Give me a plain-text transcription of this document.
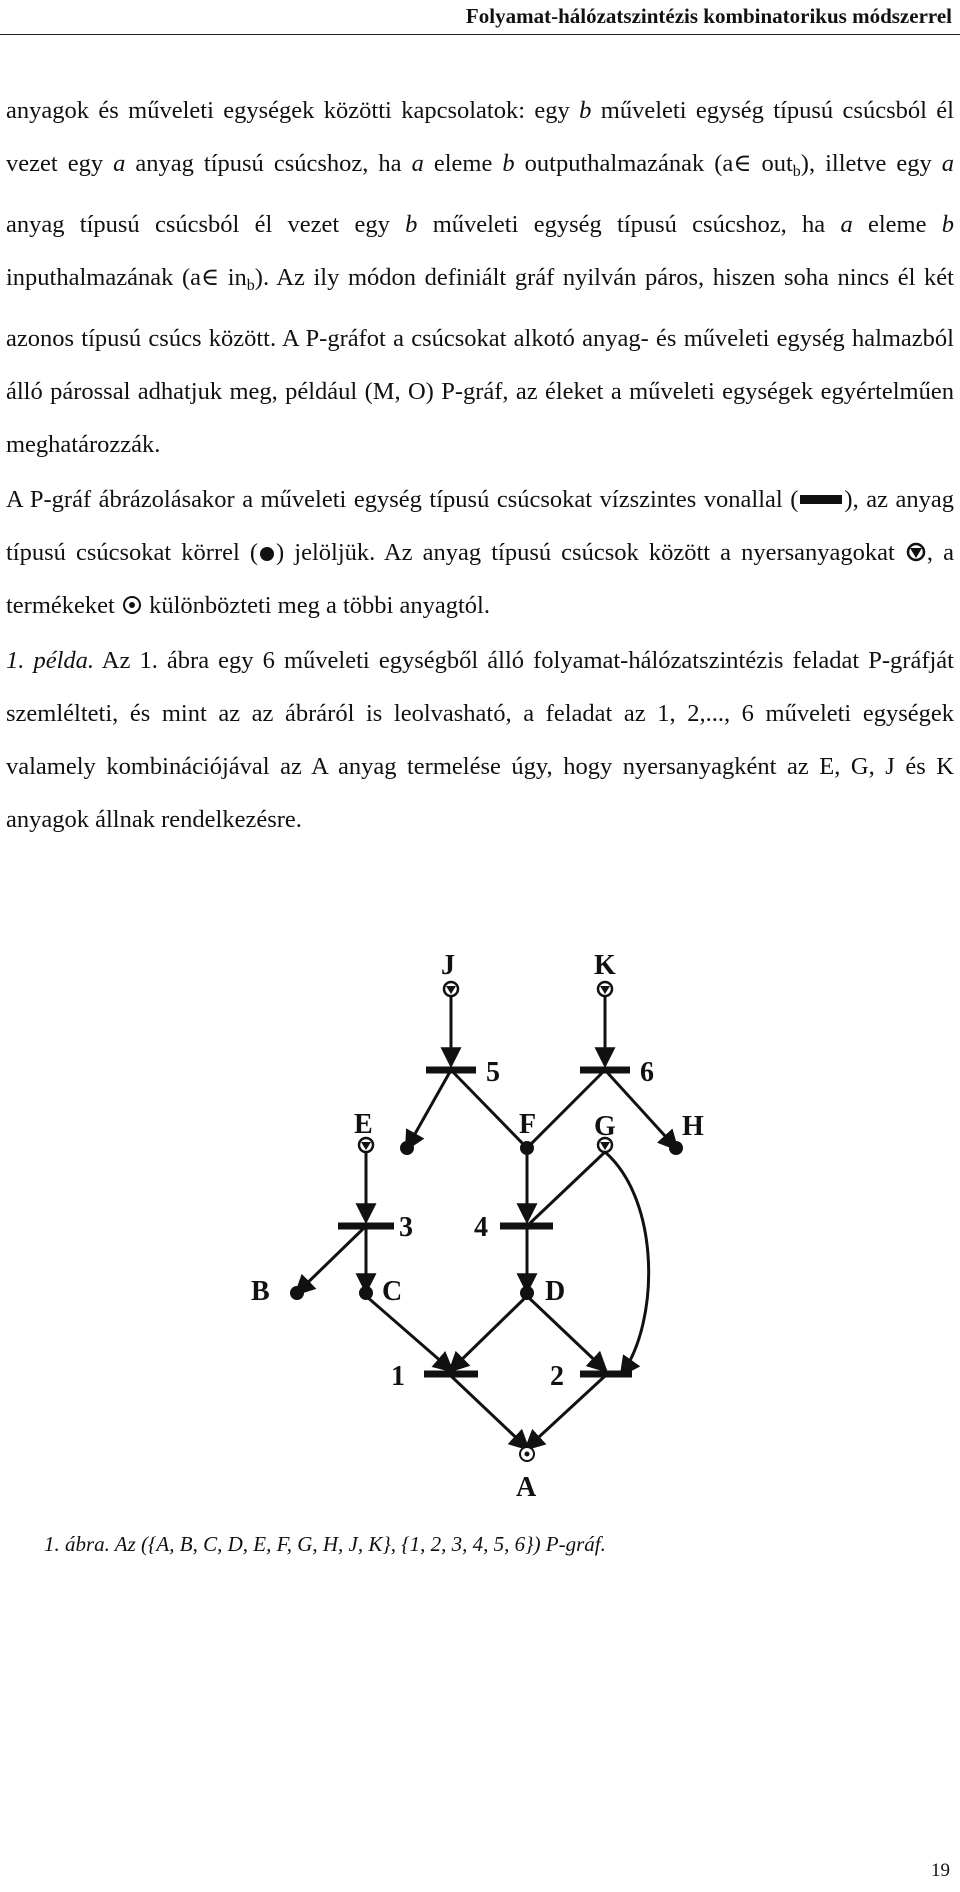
Folyamat-hálózatszintézis kombinatorikus módszerrel

anyagok és műveleti egységek közötti kapcsolatok: egy b műveleti egység típusú csúcsból él vezet egy a anyag típusú csúcshoz, ha a eleme b outputhalmazának (a∈ out$_b$), illetve egy a anyag típusú csúcsból él vezet egy b műveleti egység típusú csúcshoz, ha a eleme b inputhalmazának (a∈ $in_b$). Az ily módon definiált gráf nyilván páros, hiszen soha nincs él két azonos típusú csúcs között. A P-gráfot a csúcsokat alkotó anyag- és műveleti egység halmazból álló párossal adhatjuk meg, például (M, O) P-gráf, az éleket a műveleti egységek egyértelműen meghatározzák.

A P-gráf ábrázolásakor a műveleti egység típusú csúcsokat vízszintes vonallal ( ), az anyag típusú csúcsokat körrel ( ) jelöljük. Az anyag típusú csúcsok között a nyersanyagokat , a termékeket  különbözteti meg a többi anyagtól.

1. példa. Az 1. ábra egy 6 műveleti egységből álló folyamat-hálózatszintézis feladat P-gráfját szemlélteti, és mint az az ábráról is leolvasható, a feladat az 1, 2,..., 6 műveleti egységek valamely kombinációjával az A anyag termelése úgy, hogy nyersanyagként az E, G, J és K anyagok állnak rendelkezésre.

J	K
E	F G H
B	C	D
A
5	6
3 4
1	2
1. ábra. Az ({A, B, C, D, E, F, G, H, J, K}, {1, 2, 3, 4, 5, 6}) P-gráf.
19
